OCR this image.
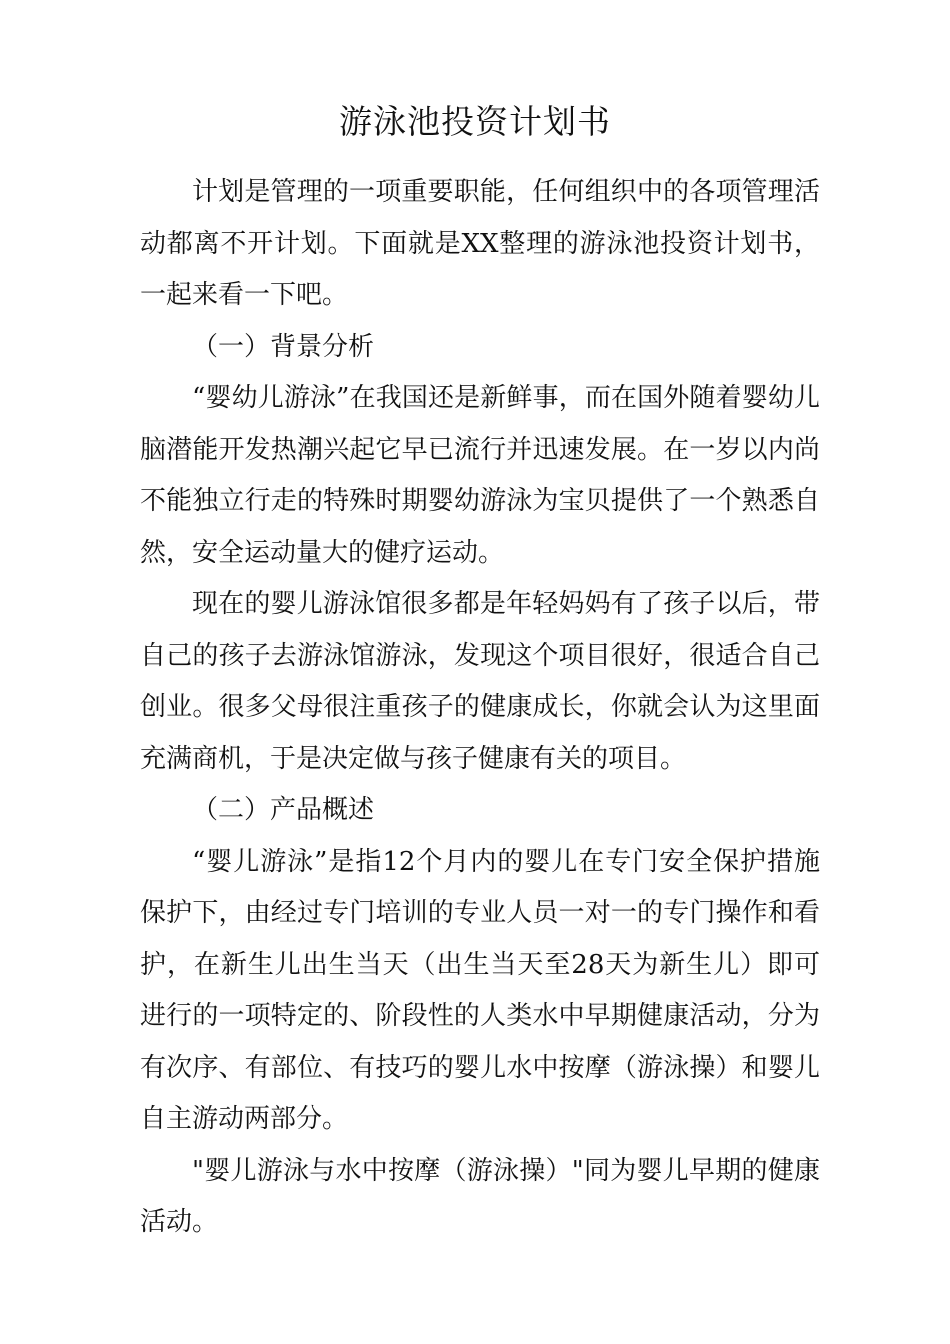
游泳池投资计划书

计划是管理的一项重要职能，任何组织中的各项管理活动都离不开计划。下面就是XX整理的游泳池投资计划书，一起来看一下吧。

（一）背景分析

“婴幼儿游泳”在我国还是新鲜事，而在国外随着婴幼儿脑潜能开发热潮兴起它早已流行并迅速发展。在一岁以内尚不能独立行走的特殊时期婴幼游泳为宝贝提供了一个熟悉自然，安全运动量大的健疗运动。

现在的婴儿游泳馆很多都是年轻妈妈有了孩子以后，带自己的孩子去游泳馆游泳，发现这个项目很好，很适合自己创业。很多父母很注重孩子的健康成长，你就会认为这里面充满商机，于是决定做与孩子健康有关的项目。

（二）产品概述

“婴儿游泳”是指12个月内的婴儿在专门安全保护措施保护下，由经过专门培训的专业人员一对一的专门操作和看护，在新生儿出生当天（出生当天至28天为新生儿）即可进行的一项特定的、阶段性的人类水中早期健康活动，分为有次序、有部位、有技巧的婴儿水中按摩（游泳操）和婴儿自主游动两部分。

"婴儿游泳与水中按摩（游泳操）"同为婴儿早期的健康活动。
